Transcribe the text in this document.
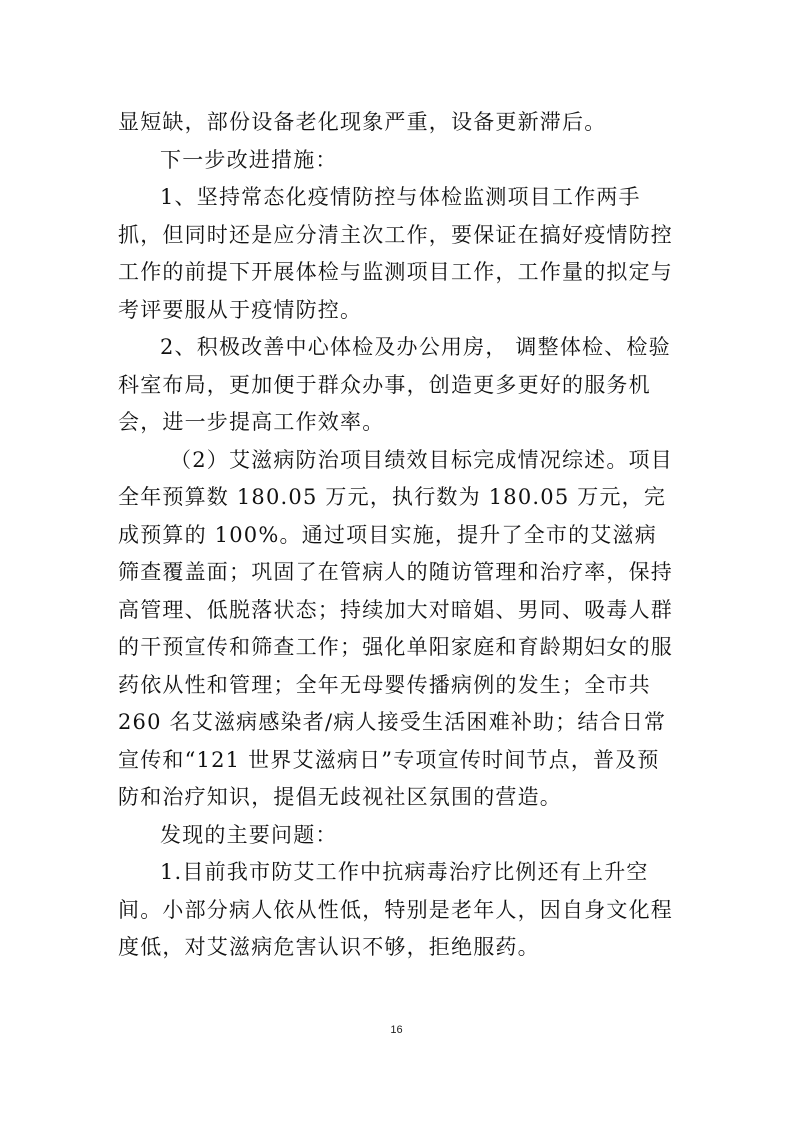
显短缺，部份设备老化现象严重，设备更新滞后。

下一步改进措施：

1、坚持常态化疫情防控与体检监测项目工作两手抓，但同时还是应分清主次工作，要保证在搞好疫情防控工作的前提下开展体检与监测项目工作，工作量的拟定与考评要服从于疫情防控。

2、积极改善中心体检及办公用房， 调整体检、检验科室布局，更加便于群众办事，创造更多更好的服务机会，进一步提高工作效率。

（2）艾滋病防治项目绩效目标完成情况综述。项目全年预算数 180.05 万元，执行数为 180.05 万元，完成预算的 100%。通过项目实施，提升了全市的艾滋病筛查覆盖面；巩固了在管病人的随访管理和治疗率，保持高管理、低脱落状态；持续加大对暗娼、男同、吸毒人群的干预宣传和筛查工作；强化单阳家庭和育龄期妇女的服药依从性和管理；全年无母婴传播病例的发生；全市共 260 名艾滋病感染者/病人接受生活困难补助；结合日常宣传和“121 世界艾滋病日”专项宣传时间节点，普及预防和治疗知识，提倡无歧视社区氛围的营造。

发现的主要问题：

1.目前我市防艾工作中抗病毒治疗比例还有上升空间。小部分病人依从性低，特别是老年人，因自身文化程度低，对艾滋病危害认识不够，拒绝服药。

16
